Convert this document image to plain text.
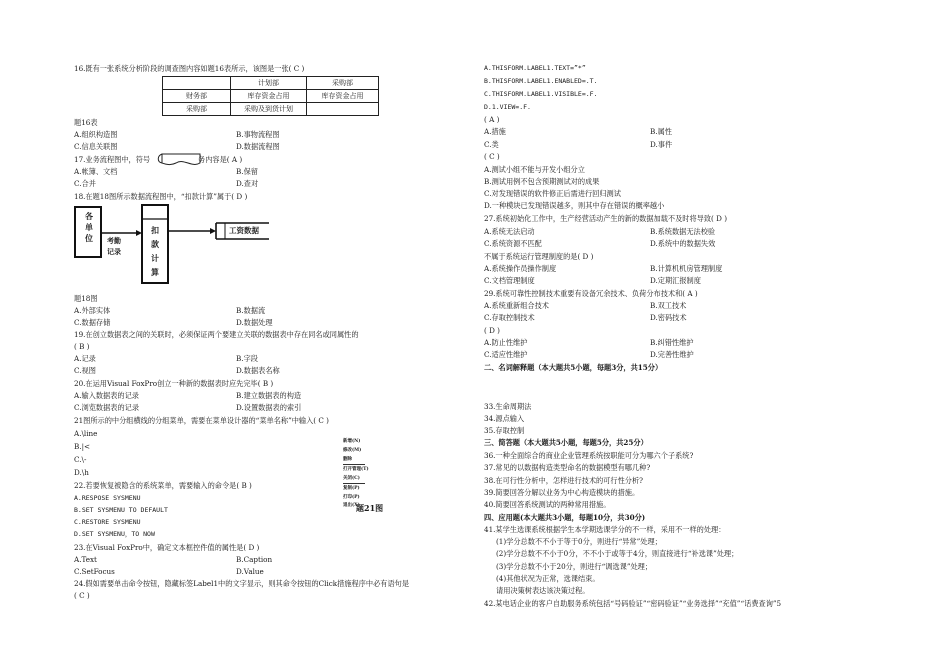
16.既有一张系统分析阶段的调查图内容如题16表所示，该图是一张( C )
	计划部	采购部
财务部	库存资金占用	库存资金占用
采购部	采购及到货计划	
题16表
A.组织构造图	B.事物流程图
C.信息关联图	D.数据流程图
17.业务流程图中，符号	务内容是( A )
A.帐簿、文档	B.保留
C.合并	D.查对
18.在题18图所示数据流程图中，“扣款计算”属于( D )
各
单
位 考勤
记录
扣
款
计
算
工资数据
题18图
A.外部实体	B.数据流
C.数据存储	D.数据处理
19.在创立数据表之间的关联时，必须保证两个要建立关联的数据表中存在同名或同属性的
( B )
A.记录	B.字段
C.视图	D.数据表名称
20.在运用Visual FoxPro创立一种新的数据表时应先完毕( B )
A.输入数据表的记录	B.建立数据表的构造
C.浏览数据表的记录	D.设置数据表的索引
21图所示的中分组横线的分组菜单，需要在菜单设计器的“菜单名称”中输入( C )
A.\line
B.|<
C.\-
D.\h
新增(N)
修改(M)
删除
打开管理(T)
关闭(C)
复制(P)
打印(P)
退出(X)
题21图
22.若要恢复被隐含的系统菜单，需要输入的命令是( B )
A.RESPOSE SYSMENU
B.SET SYSMENU TO DEFAULT
C.RESTORE SYSMENU
D.SET SYSMENU，TO NOW
23.在Visual FoxPro中，确定文本框控件值的属性是( D )
A.Text	B.Caption
C.SetFocus	D.Value
24.假如需要单击命令按钮，隐藏标签Label1中的文字显示，则其命令按钮的Click措施程序中必有语句是
( C )
A.THISFORM.LABEL1.TEXT=”*”
B.THISFORM.LABEL1.ENABLED=.T.
C.THISFORM.LABEL1.VISIBLE=.F.
D.1.VIEW=.F.
( A )
A.措施	B.属性
C.类	D.事件
( C )
A.测试小组不能与开发小组分立
B.测试用例不包含预期测试对的成果
C.对发现错误的软件修正后需进行回归测试
D.一种模块已发现错误越多，则其中存在错误的概率越小
27.系统初始化工作中，生产经营活动产生的新的数据加载不及时将导致( D )
A.系统无法启动	B.系统数据无法校验
C.系统资源不匹配	D.系统中的数据失效
不属于系统运行管理制度的是( D )
A.系统操作员操作制度	B.计算机机房管理制度
C.文档管理制度	D.定期汇报制度
29.系统可靠性控制技术重要有设备冗余技术、负荷分布技术和( A )
A.系统重新组合技术	B.双工技术
C.存取控制技术	D.密码技术
( D )
A.防止性维护	B.纠错性维护
C.适应性维护	D.完善性维护
二、名词解释题（本大题共5小题，每题3分，共15分）
33.生命周期法
34.源点输入
35.存取控制
三、简答题（本大题共5小题，每题5分，共25分）
36.一种全面综合的商业企业管理系统按职能可分为哪六个子系统?
37.常见的以数据构造类型命名的数据模型有哪几种?
38.在可行性分析中，怎样进行技术的可行性分析?
39.简要回答分解以业务为中心构造模块的措施。
40.简要回答系统测试的两种常用措施。
四、应用题(本大题共3小题，每题10分，共30分)
41.某学生选课系统根据学生本学期选课学分的不一样，采用不一样的处理：
(1)学分总数不不小于等于0分，则进行“异常”处理；
(2)学分总数不不小于0分，不不小于或等于4分，则直接进行“补选课”处理；
(3)学分总数不小于20分，则进行“调选课”处理；
(4)其他状况为正常，选课结束。
请用决策树表达该决策过程。
42.某电话企业的客户自助服务系统包括“号码验证”“密码验证”“业务选择”“充值”“话费查询”5
